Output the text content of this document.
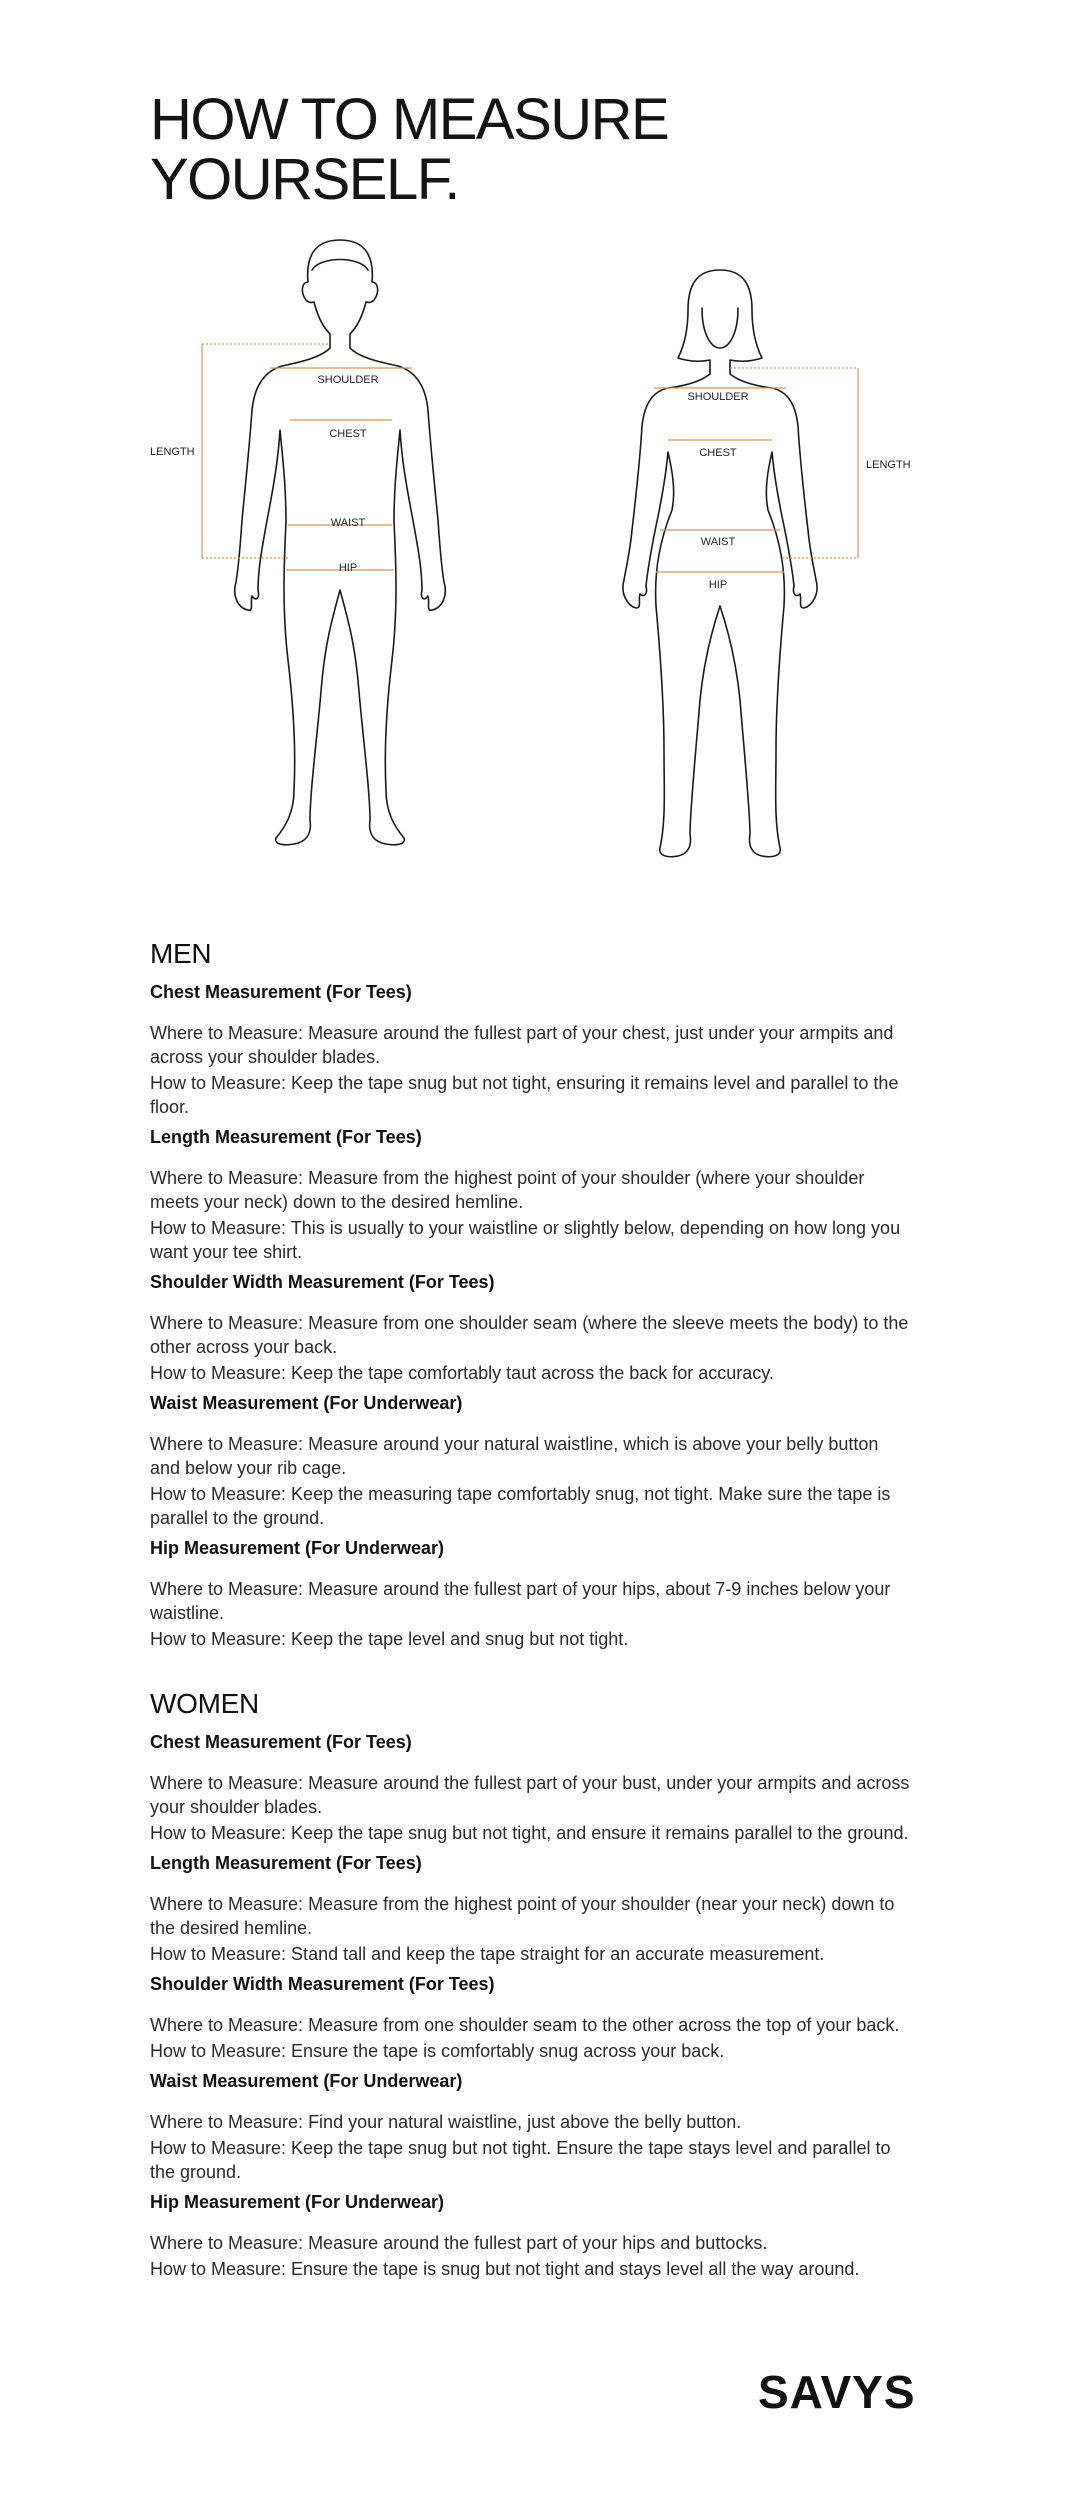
HOW TO MEASURE
YOURSELF.
SHOULDER
CHEST
WAIST
HIP
LENGTH
SHOULDER
CHEST
WAIST
HIP
LENGTH
MEN
Chest Measurement (For Tees)

Where to Measure: Measure around the fullest part of your chest, just under your armpits and across your shoulder blades.

How to Measure: Keep the tape snug but not tight, ensuring it remains level and parallel to the floor.

Length Measurement (For Tees)

Where to Measure: Measure from the highest point of your shoulder (where your shoulder meets your neck) down to the desired hemline.

How to Measure: This is usually to your waistline or slightly below, depending on how long you want your tee shirt.

Shoulder Width Measurement (For Tees)

Where to Measure: Measure from one shoulder seam (where the sleeve meets the body) to the other across your back.

How to Measure: Keep the tape comfortably taut across the back for accuracy.

Waist Measurement (For Underwear)

Where to Measure: Measure around your natural waistline, which is above your belly button and below your rib cage.

How to Measure: Keep the measuring tape comfortably snug, not tight. Make sure the tape is parallel to the ground.

Hip Measurement (For Underwear)

Where to Measure: Measure around the fullest part of your hips, about 7-9 inches below your waistline.

How to Measure: Keep the tape level and snug but not tight.

WOMEN
Chest Measurement (For Tees)

Where to Measure: Measure around the fullest part of your bust, under your armpits and across your shoulder blades.

How to Measure: Keep the tape snug but not tight, and ensure it remains parallel to the ground.

Length Measurement (For Tees)

Where to Measure: Measure from the highest point of your shoulder (near your neck) down to the desired hemline.

How to Measure: Stand tall and keep the tape straight for an accurate measurement.

Shoulder Width Measurement (For Tees)

Where to Measure: Measure from one shoulder seam to the other across the top of your back.

How to Measure: Ensure the tape is comfortably snug across your back.

Waist Measurement (For Underwear)

Where to Measure: Find your natural waistline, just above the belly button.

How to Measure: Keep the tape snug but not tight. Ensure the tape stays level and parallel to the ground.

Hip Measurement (For Underwear)

Where to Measure: Measure around the fullest part of your hips and buttocks.

How to Measure: Ensure the tape is snug but not tight and stays level all the way around.

SAVYS
